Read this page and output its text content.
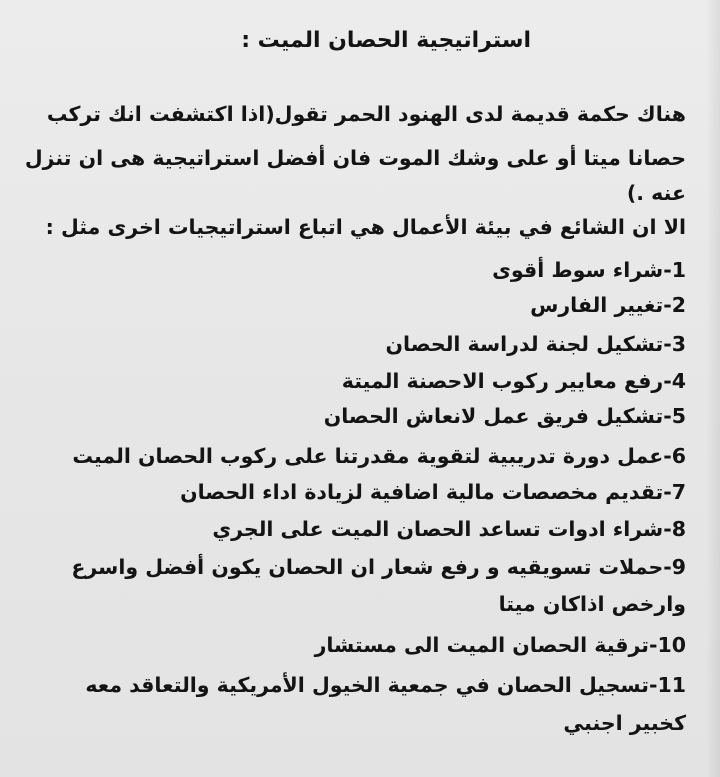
استراتيجية الحصان الميت :
هناك حكمة قديمة لدى الهنود الحمر تقول(اذا اكتشفت انك تركب
حصانا ميتا أو على وشك الموت فان أفضل استراتيجية هى ان تنزل
عنه .)
الا ان الشائع في بيئة الأعمال هي اتباع استراتيجيات اخرى مثل :
1-شراء سوط أقوى
2-تغيير الفارس
3-تشكيل لجنة لدراسة الحصان
4-رفع معايير ركوب الاحصنة الميتة
5-تشكيل فريق عمل لانعاش الحصان
6-عمل دورة تدريبية لتقوية مقدرتنا على ركوب الحصان الميت
7-تقديم مخصصات مالية اضافية لزيادة اداء الحصان
8-شراء ادوات تساعد الحصان الميت على الجري
9-حملات تسويقيه و رفع شعار ان الحصان يكون أفضل واسرع
وارخص اذاكان ميتا
10-ترقية الحصان الميت الى مستشار
11-تسجيل الحصان في جمعية الخيول الأمريكية والتعاقد معه
كخبير اجنبي
